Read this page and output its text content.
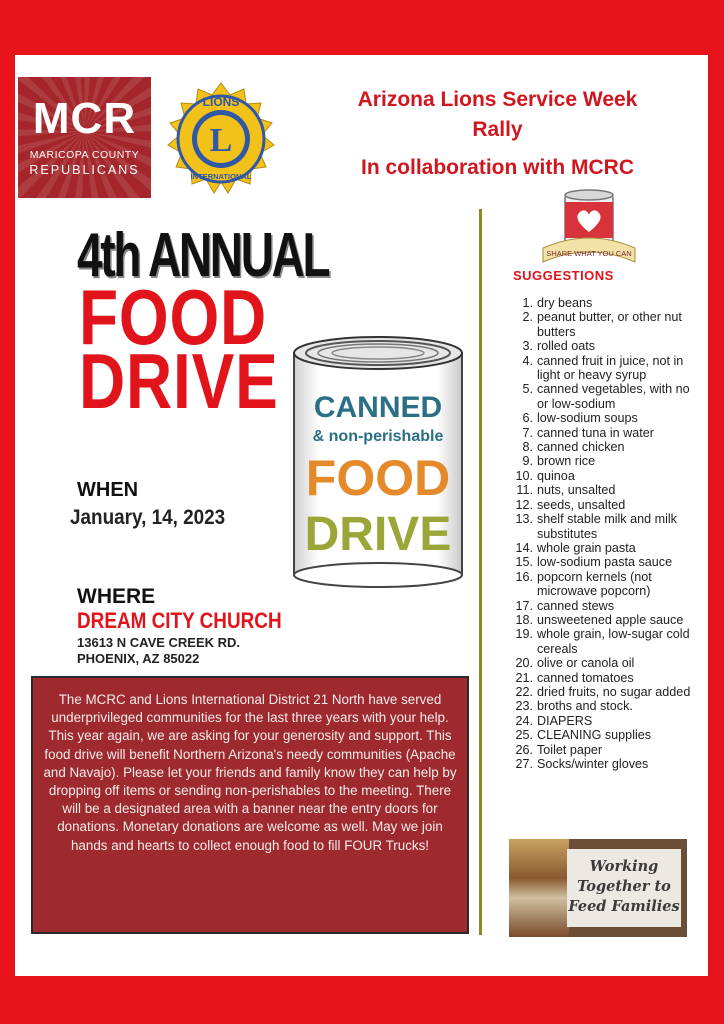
MCR
MARICOPA COUNTY
REPUBLICANS
L
LIONS
INTERNATIONAL
Arizona Lions Service Week
Rally
In collaboration with MCRC
4th ANNUAL
FOOD
DRIVE CANNED
& non-perishable
FOOD
DRIVE
WHEN
January, 14, 2023
WHERE
DREAM CITY CHURCH
13613 N CAVE CREEK RD.
PHOENIX, AZ 85022
The MCRC and Lions International District 21 North have served underprivileged communities for the last three years with your help. This year again, we are asking for your generosity and support. This food drive will benefit Northern Arizona's needy communities (Apache and Navajo). Please let your friends and family know they can help by dropping off items or sending non-perishables to the meeting. There will be a designated area with a banner near the entry doors for donations. Monetary donations are welcome as well. May we join hands and hearts to collect enough food to fill FOUR Trucks!
SHARE WHAT YOU CAN
SUGGESTIONS
1. dry beans
2. peanut butter, or other nut butters
3. rolled oats
4. canned fruit in juice, not in light or heavy syrup
5. canned vegetables, with no or low-sodium
6. low-sodium soups
7. canned tuna in water
8. canned chicken
9. brown rice
10. quinoa
11. nuts, unsalted
12. seeds, unsalted
13. shelf stable milk and milk substitutes
14. whole grain pasta
15. low-sodium pasta sauce
16. popcorn kernels (not microwave popcorn)
17. canned stews
18. unsweetened apple sauce
19. whole grain, low-sugar cold cereals
20. olive or canola oil
21. canned tomatoes
22. dried fruits, no sugar added
23. broths and stock.
24. DIAPERS
25. CLEANING supplies
26. Toilet paper
27. Socks/winter gloves
Working
Together to
Feed Families
